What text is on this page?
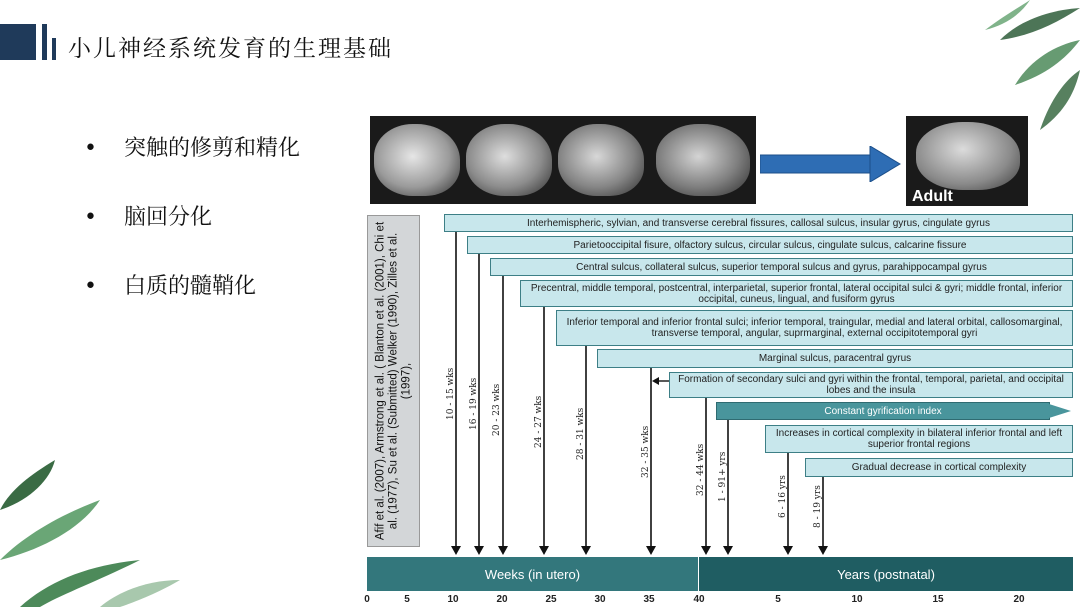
小儿神经系统发育的生理基础
• 突触的修剪和精化
• 脑回分化
• 白质的髓鞘化
Adult
Afif et al. (2007), Armstrong et al. ( Blanton et al. (2001), Chi et al. (1977), Su et al. (Submitted) Welker (1990), Zilles et al. (1997),
Interhemispheric, sylvian, and transverse cerebral fissures, callosal sulcus, insular gyrus, cingulate gyrus
Parietooccipital fisure, olfactory sulcus, circular sulcus, cingulate sulcus, calcarine fissure
Central sulcus, collateral sulcus, superior temporal sulcus and gyrus, parahippocampal gyrus
Precentral, middle temporal, postcentral, interparietal, superior frontal, lateral occipital sulci & gyri; middle frontal, inferior occipital, cuneus, lingual, and fusiform gyrus
Inferior temporal and inferior frontal sulci; inferior temporal, traingular, medial and lateral orbital, callosomarginal, transverse temporal, angular, suprmarginal, external occipitotemporal gyri
Marginal sulcus, paracentral gyrus
Formation of secondary sulci and gyri within the frontal, temporal, parietal, and occipital lobes and the insula
Constant gyrification index
Increases in cortical complexity in bilateral inferior frontal and left superior frontal regions
Gradual decrease in cortical complexity
10 - 15 wks 16 - 19 wks 20 - 23 wks	24 - 27 wks	28 - 31 wks	32 - 35 wks	32 - 44 wks 1 - 91+ yrs	6 - 16 yrs	8 - 19 yrs
Weeks (in utero)	Years (postnatal)
0	5	10	20	25	30	35	40	5	10	15	20
